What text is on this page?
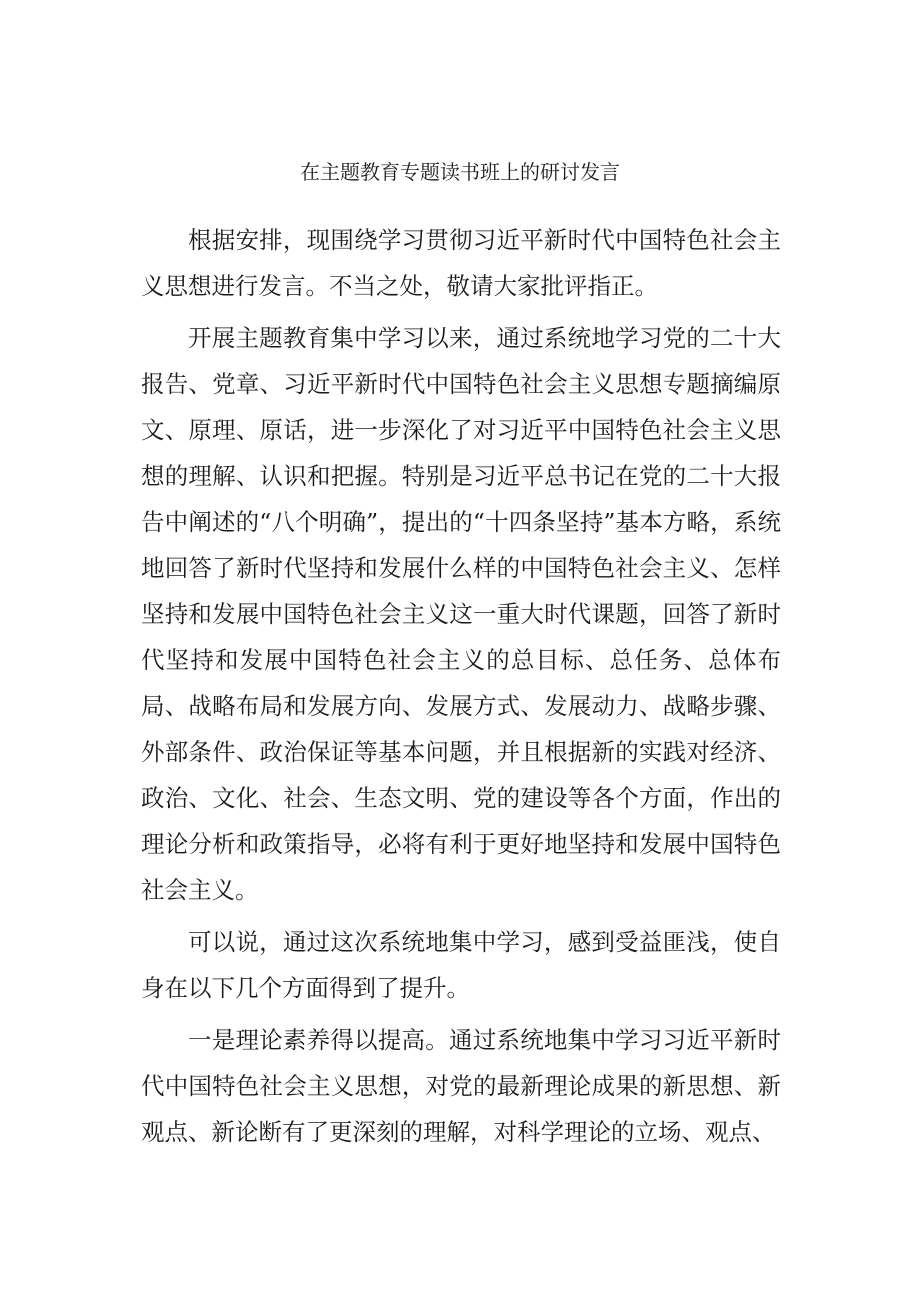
在主题教育专题读书班上的研讨发言

根据安排，现围绕学习贯彻习近平新时代中国特色社会主义思想进行发言。不当之处，敬请大家批评指正。

开展主题教育集中学习以来，通过系统地学习党的二十大报告、党章、习近平新时代中国特色社会主义思想专题摘编原文、原理、原话，进一步深化了对习近平中国特色社会主义思想的理解、认识和把握。特别是习近平总书记在党的二十大报告中阐述的“八个明确”，提出的“十四条坚持”基本方略，系统地回答了新时代坚持和发展什么样的中国特色社会主义、怎样坚持和发展中国特色社会主义这一重大时代课题，回答了新时代坚持和发展中国特色社会主义的总目标、总任务、总体布局、战略布局和发展方向、发展方式、发展动力、战略步骤、外部条件、政治保证等基本问题，并且根据新的实践对经济、政治、文化、社会、生态文明、党的建设等各个方面，作出的理论分析和政策指导，必将有利于更好地坚持和发展中国特色社会主义。

可以说，通过这次系统地集中学习，感到受益匪浅，使自身在以下几个方面得到了提升。

一是理论素养得以提高。通过系统地集中学习习近平新时代中国特色社会主义思想，对党的最新理论成果的新思想、新观点、新论断有了更深刻的理解，对科学理论的立场、观点、
